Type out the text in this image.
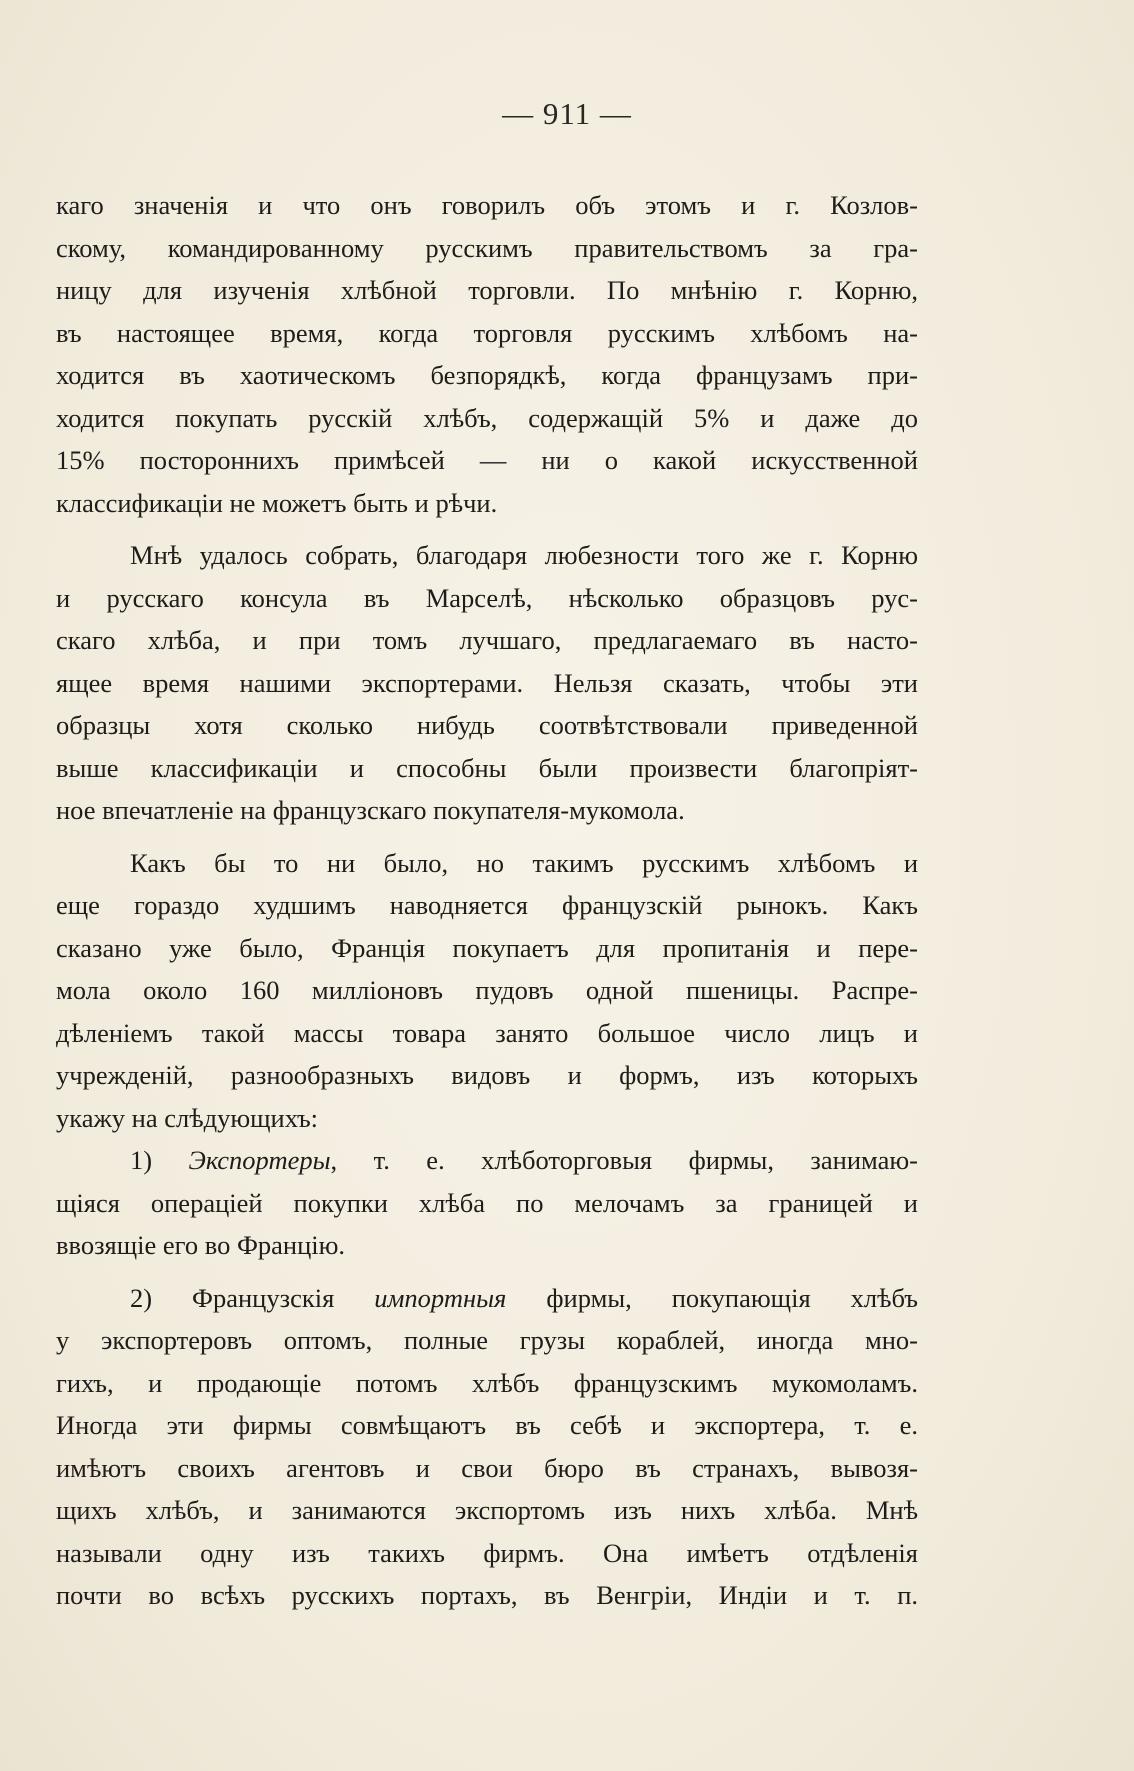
— 911 —
каго значенія и что онъ говорилъ объ этомъ и г. Козлов-
скому, командированному русскимъ правительствомъ за гра-
ницу для изученія хлѣбной торговли. По мнѣнію г. Корню,
въ настоящее время, когда торговля русскимъ хлѣбомъ на-
ходится въ хаотическомъ безпорядкѣ, когда французамъ при-
ходится покупать русскій хлѣбъ, содержащій 5% и даже до
15% постороннихъ примѣсей — ни о какой искусственной
классификаціи не можетъ быть и рѣчи.
Мнѣ удалось собрать, благодаря любезности того же г. Корню
и русскаго консула въ Марселѣ, нѣсколько образцовъ рус-
скаго хлѣба, и при томъ лучшаго, предлагаемаго въ насто-
ящее время нашими экспортерами. Нельзя сказать, чтобы эти
образцы хотя сколько нибудь соотвѣтствовали приведенной
выше классификаціи и способны были произвести благопріят-
ное впечатленіе на французскаго покупателя-мукомола.
Какъ бы то ни было, но такимъ русскимъ хлѣбомъ и
еще гораздо худшимъ наводняется французскій рынокъ. Какъ
сказано уже было, Франція покупаетъ для пропитанія и пере-
мола около 160 милліоновъ пудовъ одной пшеницы. Распре-
дѣленіемъ такой массы товара занято большое число лицъ и
учрежденій, разнообразныхъ видовъ и формъ, изъ которыхъ
укажу на слѣдующихъ:
1) Экспортеры, т. е. хлѣботорговыя фирмы, занимаю-
щіяся операціей покупки хлѣба по мелочамъ за границей и
ввозящіе его во Францію.
2) Французскія импортныя фирмы, покупающія хлѣбъ
у экспортеровъ оптомъ, полные грузы кораблей, иногда мно-
гихъ, и продающіе потомъ хлѣбъ французскимъ мукомоламъ.
Иногда эти фирмы совмѣщаютъ въ себѣ и экспортера, т. е.
имѣютъ своихъ агентовъ и свои бюро въ странахъ, вывозя-
щихъ хлѣбъ, и занимаются экспортомъ изъ нихъ хлѣба. Мнѣ
называли одну изъ такихъ фирмъ. Она имѣетъ отдѣленія
почти во всѣхъ русскихъ портахъ, въ Венгріи, Индіи и т. п.
